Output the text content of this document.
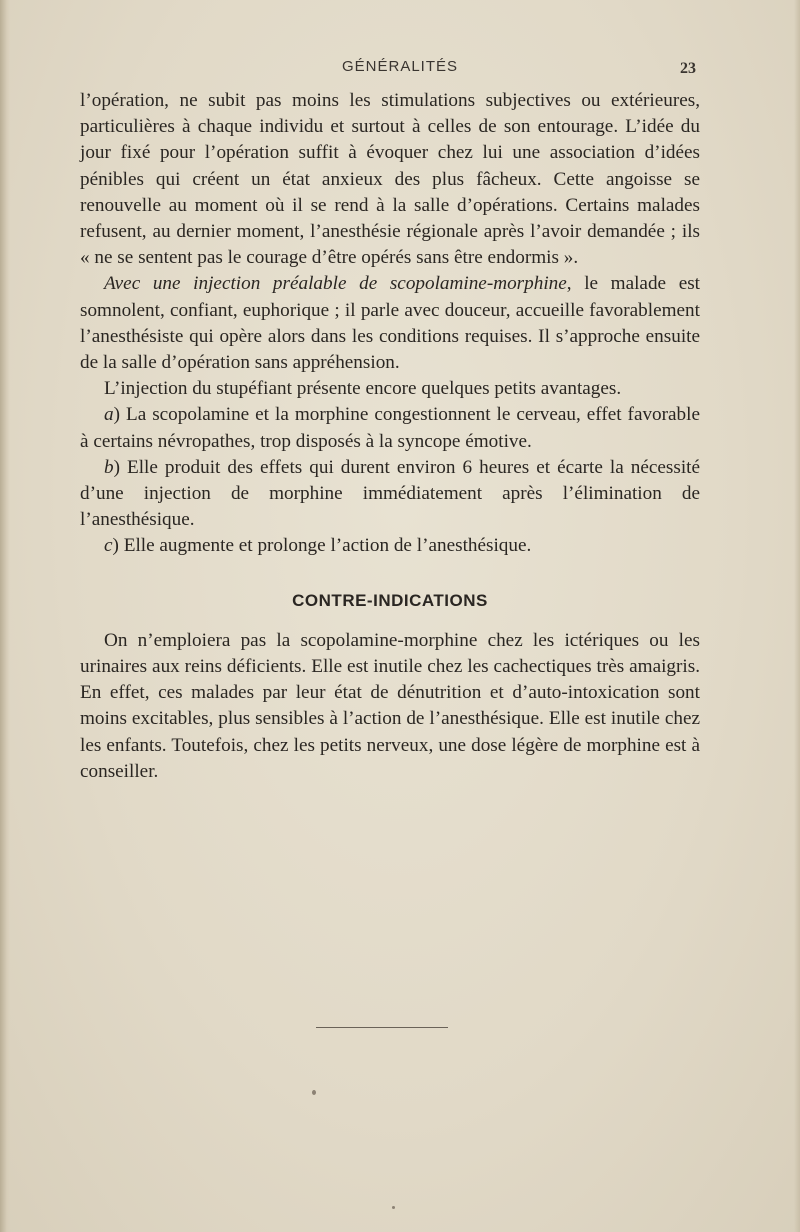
GÉNÉRALITÉS	23

l’opération, ne subit pas moins les stimulations subjectives ou extérieures, particulières à chaque individu et surtout à celles de son entourage. L’idée du jour fixé pour l’opération suffit à évoquer chez lui une association d’idées pénibles qui créent un état anxieux des plus fâcheux. Cette angoisse se renouvelle au moment où il se rend à la salle d’opérations. Certains malades refusent, au dernier moment, l’anesthésie régionale après l’avoir demandée ; ils « ne se sentent pas le courage d’être opérés sans être endormis ».

Avec une injection préalable de scopolamine-morphine, le malade est somnolent, confiant, euphorique ; il parle avec douceur, accueille favorablement l’anesthésiste qui opère alors dans les conditions requises. Il s’approche ensuite de la salle d’opération sans appréhension.

L’injection du stupéfiant présente encore quelques petits avantages.

a) La scopolamine et la morphine congestionnent le cerveau, effet favorable à certains névropathes, trop disposés à la syncope émotive.

b) Elle produit des effets qui durent environ 6 heures et écarte la nécessité d’une injection de morphine immédiatement après l’élimination de l’anesthésique.

c) Elle augmente et prolonge l’action de l’anesthésique.

CONTRE-INDICATIONS

On n’emploiera pas la scopolamine-morphine chez les ictériques ou les urinaires aux reins déficients. Elle est inutile chez les cachectiques très amaigris. En effet, ces malades par leur état de dénutrition et d’auto-intoxication sont moins excitables, plus sensibles à l’action de l’anesthésique. Elle est inutile chez les enfants. Toutefois, chez les petits nerveux, une dose légère de morphine est à conseiller.
